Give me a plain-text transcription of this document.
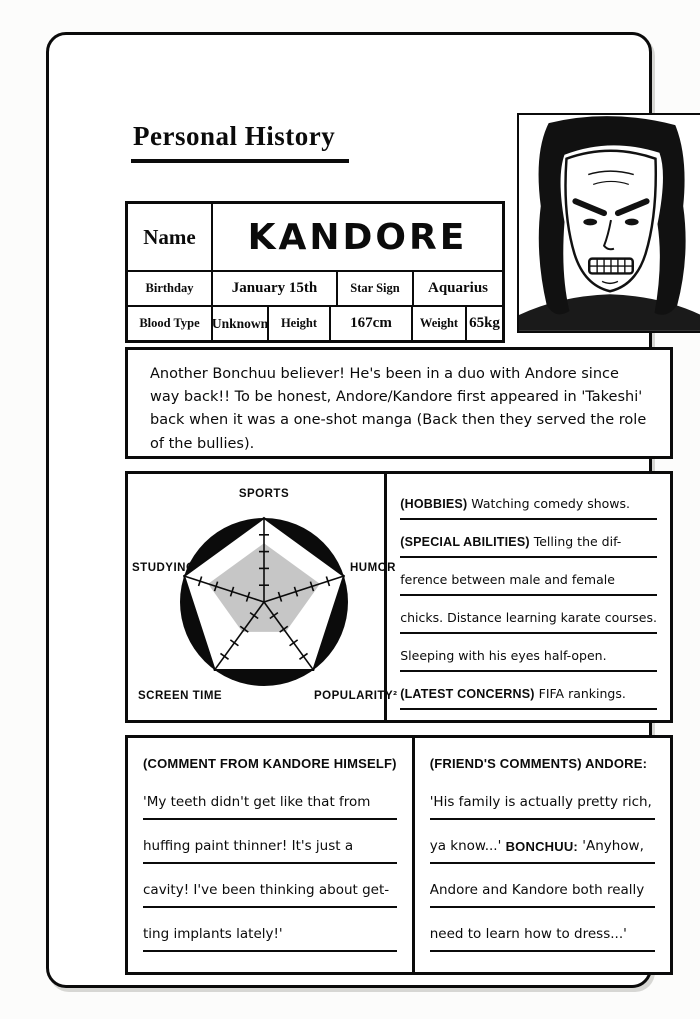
Personal History
Name	KANDORE
Birthday	January 15th	Star Sign	Aquarius
Blood Type Unknown	Height	167cm	Weight 65kg
Another Bonchuu believer! He's been in a duo with Andore since way back!! To be honest, Andore/Kandore first appeared in 'Takeshi' back when it was a one-shot manga (Back then they served the role of the bullies).
SPORTS
HUMOR
POPULARITY²
SCREEN TIME
STUDYING
(HOBBIES) Watching comedy shows.
(SPECIAL ABILITIES) Telling the dif-
ference between male and female
chicks. Distance learning karate courses.
Sleeping with his eyes half-open.
(LATEST CONCERNS) FIFA rankings.
(COMMENT FROM KANDORE HIMSELF)
'My teeth didn't get like that from
huffing paint thinner! It's just a
cavity! I've been thinking about get-
ting implants lately!'
(FRIEND'S COMMENTS) ANDORE:
'His family is actually pretty rich,
ya know...' BONCHUU: 'Anyhow,
Andore and Kandore both really
need to learn how to dress...'
